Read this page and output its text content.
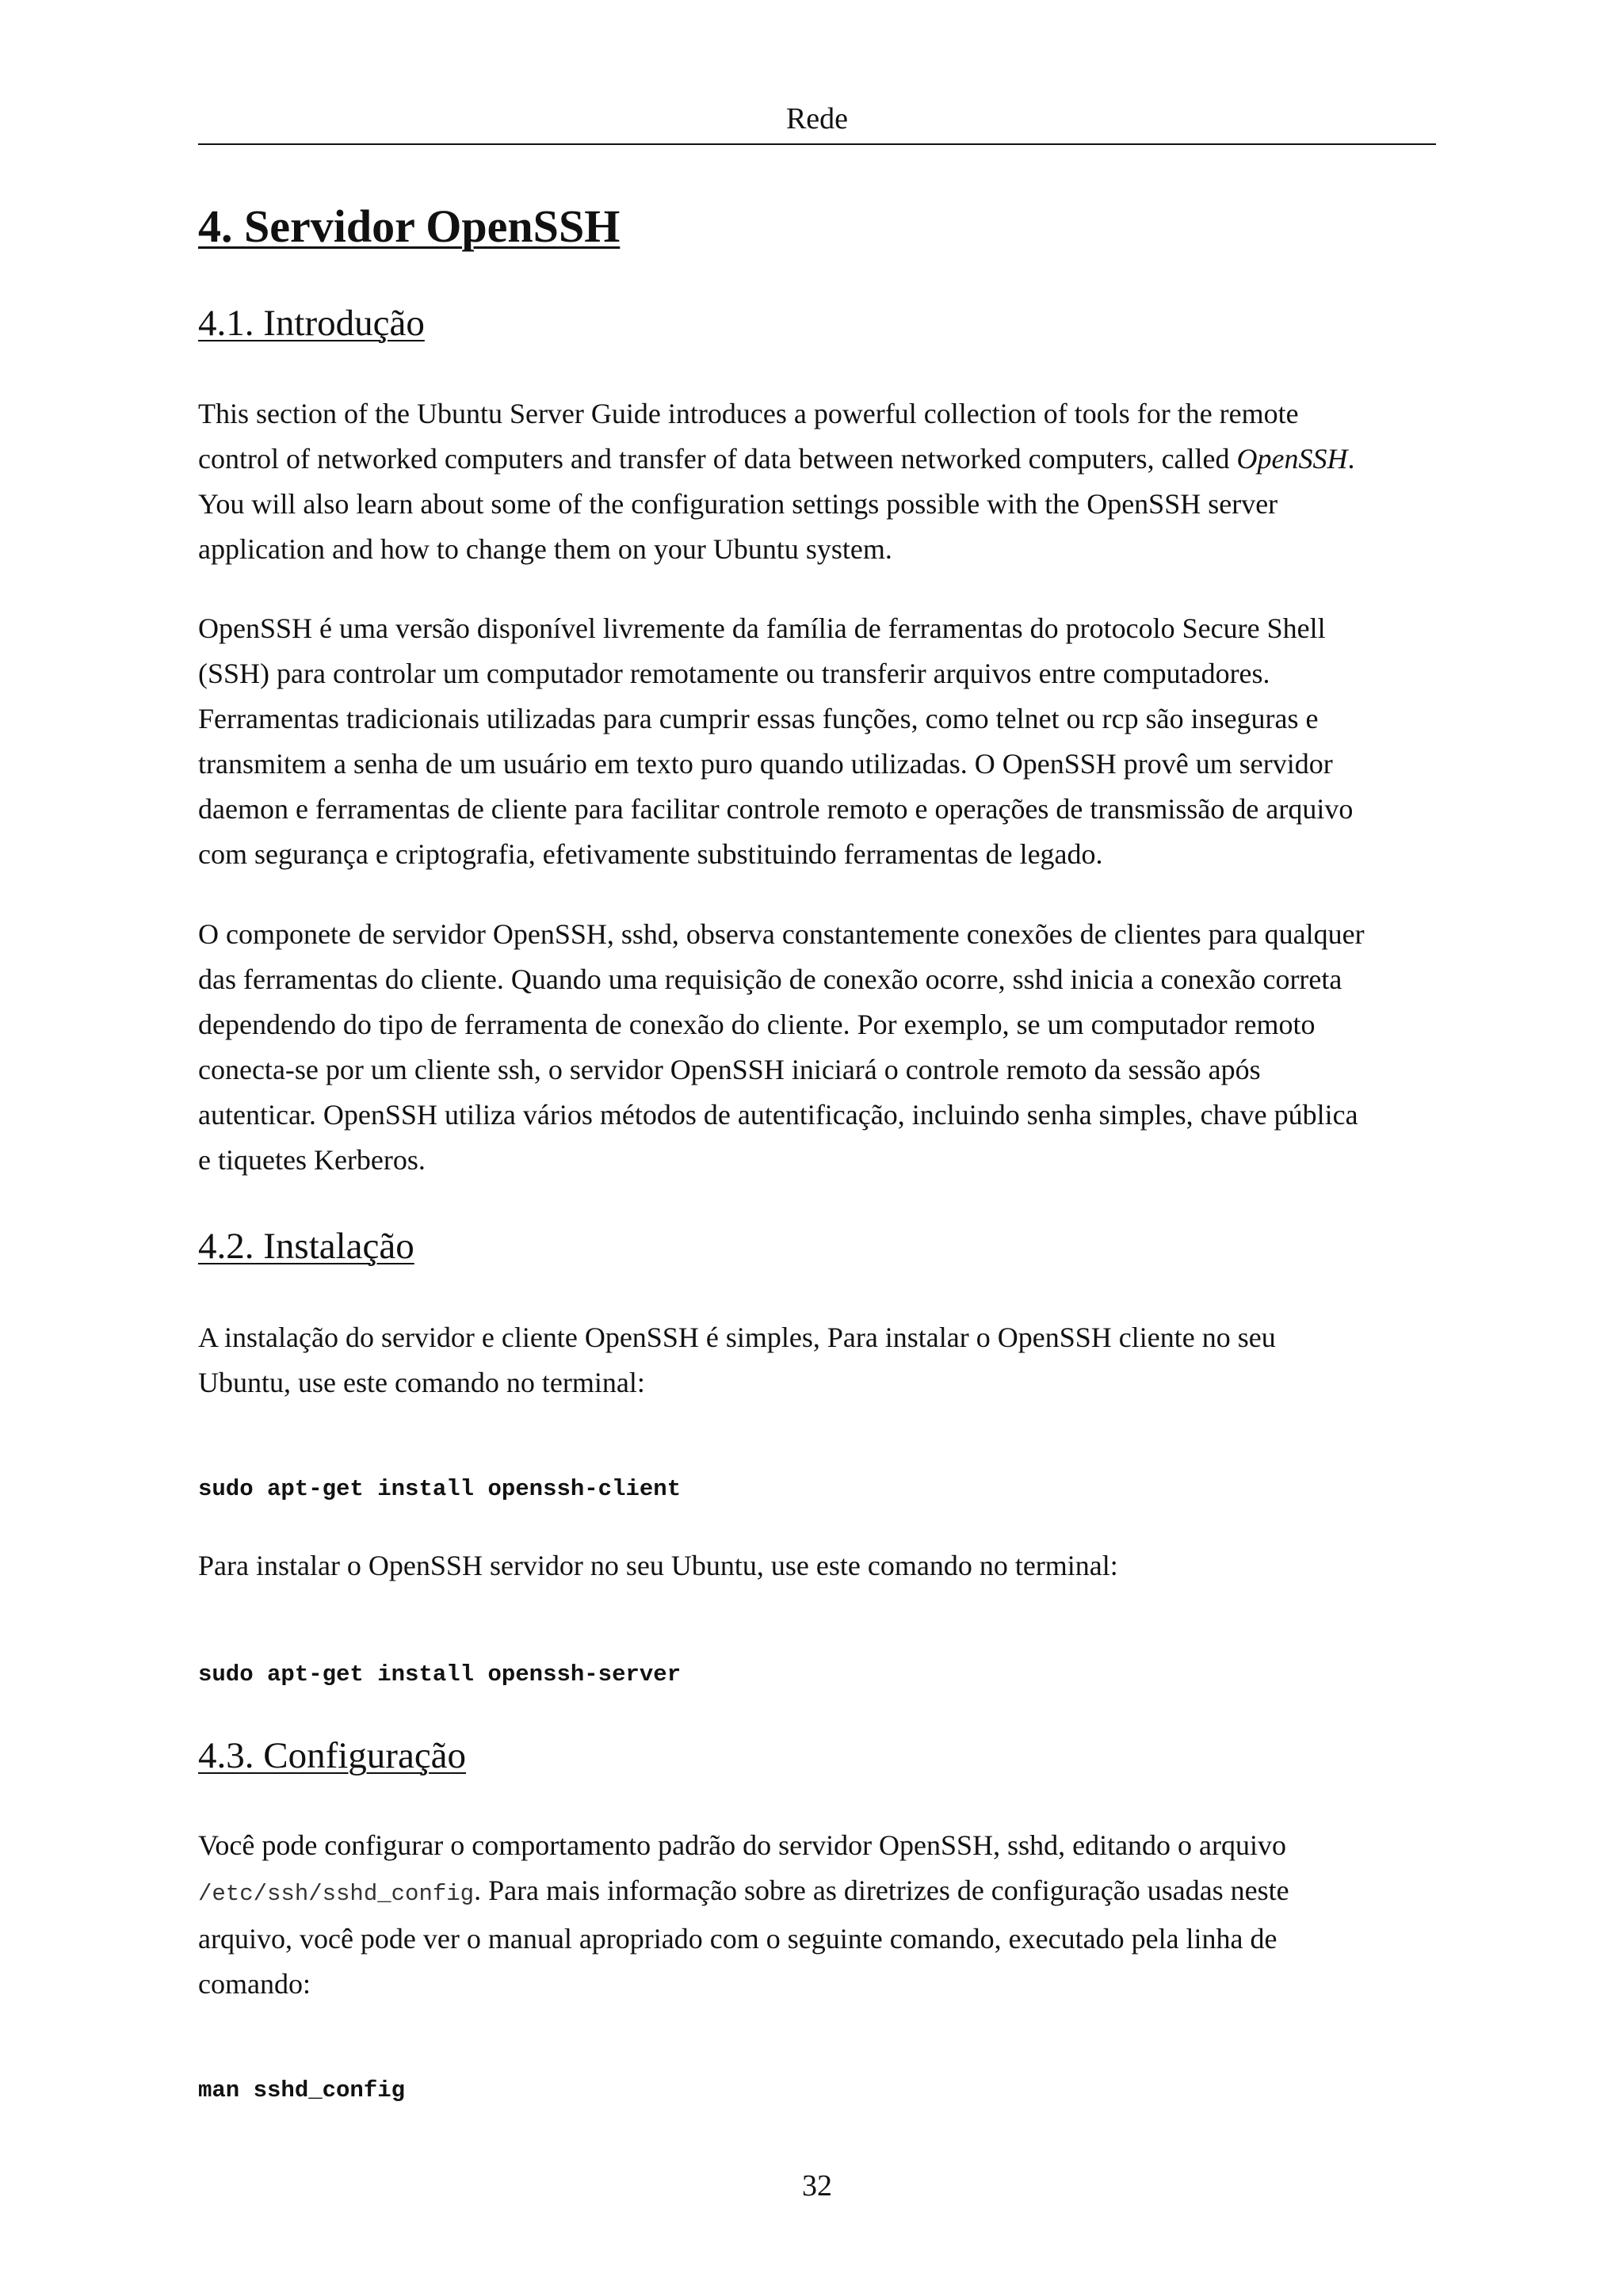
Rede
4. Servidor OpenSSH
4.1. Introdução
This section of the Ubuntu Server Guide introduces a powerful collection of tools for the remote
control of networked computers and transfer of data between networked computers, called OpenSSH.
You will also learn about some of the configuration settings possible with the OpenSSH server
application and how to change them on your Ubuntu system.
OpenSSH é uma versão disponível livremente da família de ferramentas do protocolo Secure Shell
(SSH) para controlar um computador remotamente ou transferir arquivos entre computadores.
Ferramentas tradicionais utilizadas para cumprir essas funções, como telnet ou rcp são inseguras e
transmitem a senha de um usuário em texto puro quando utilizadas. O OpenSSH provê um servidor
daemon e ferramentas de cliente para facilitar controle remoto e operações de transmissão de arquivo
com segurança e criptografia, efetivamente substituindo ferramentas de legado.
O componete de servidor OpenSSH, sshd, observa constantemente conexões de clientes para qualquer
das ferramentas do cliente. Quando uma requisição de conexão ocorre, sshd inicia a conexão correta
dependendo do tipo de ferramenta de conexão do cliente. Por exemplo, se um computador remoto
conecta-se por um cliente ssh, o servidor OpenSSH iniciará o controle remoto da sessão após
autenticar. OpenSSH utiliza vários métodos de autentificação, incluindo senha simples, chave pública
e tiquetes Kerberos.
4.2. Instalação
A instalação do servidor e cliente OpenSSH é simples, Para instalar o OpenSSH cliente no seu
Ubuntu, use este comando no terminal:
sudo apt-get install openssh-client
Para instalar o OpenSSH servidor no seu Ubuntu, use este comando no terminal:
sudo apt-get install openssh-server
4.3. Configuração
Você pode configurar o comportamento padrão do servidor OpenSSH, sshd, editando o arquivo
/etc/ssh/sshd_config. Para mais informação sobre as diretrizes de configuração usadas neste
arquivo, você pode ver o manual apropriado com o seguinte comando, executado pela linha de
comando:
man sshd_config
32
